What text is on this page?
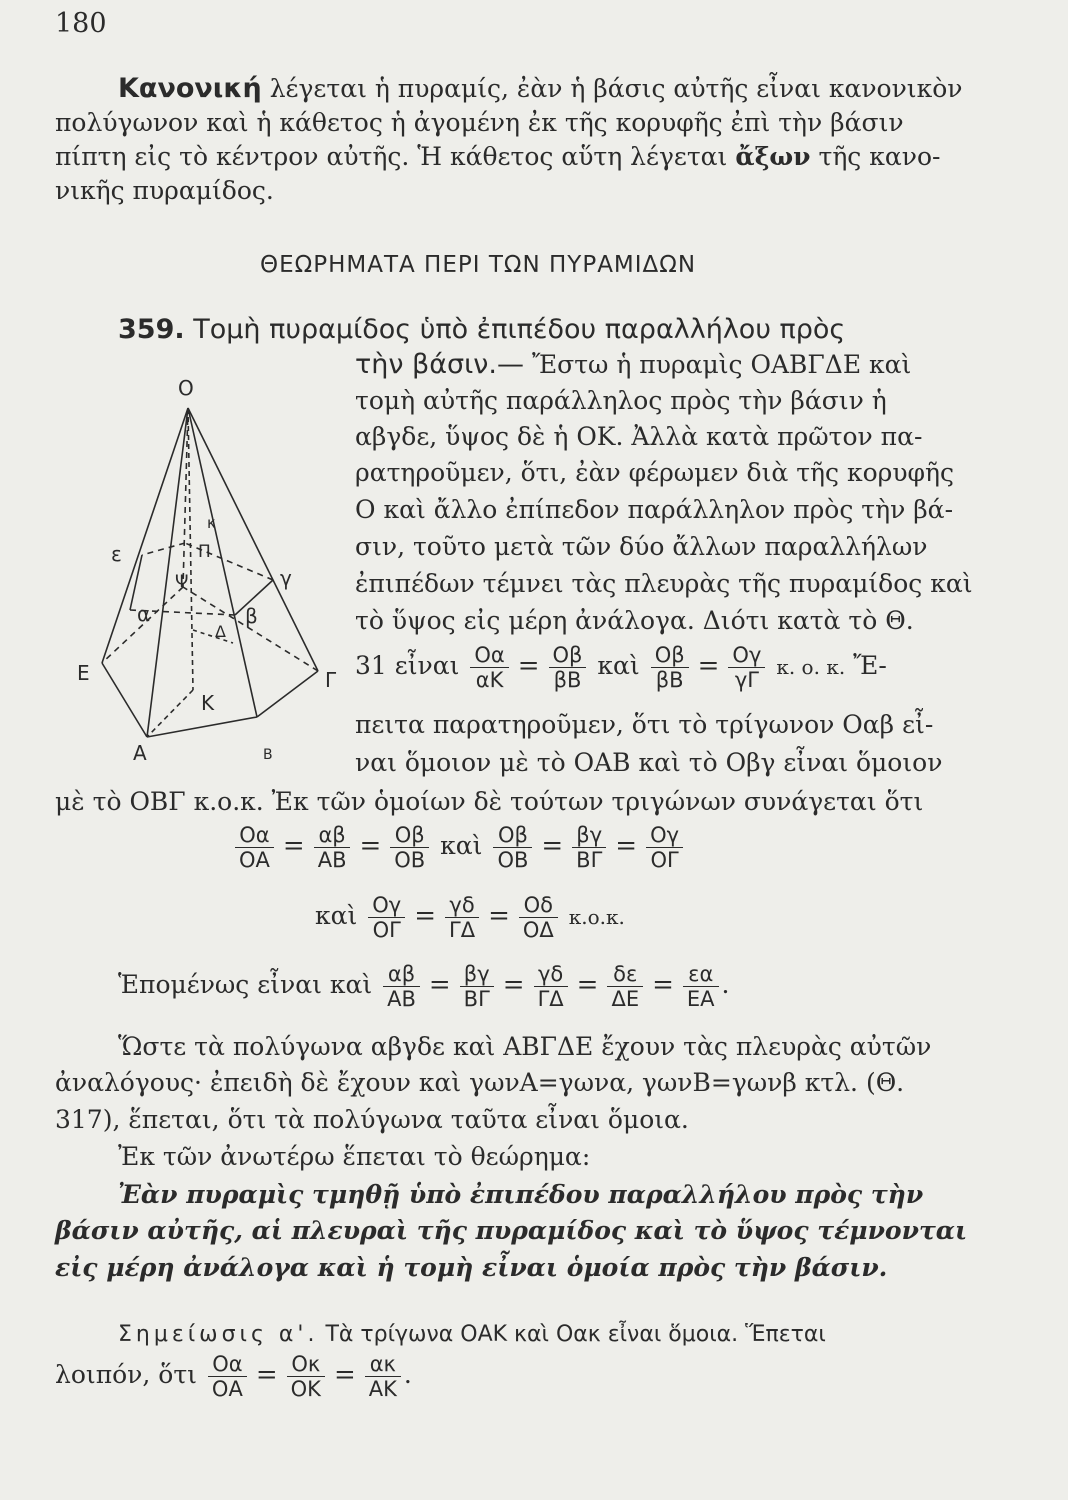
180
Κανονική λέγεται ἡ πυραμίς, ἐὰν ἡ βάσις αὐτῆς εἶναι κανονικὸν
πολύγωνον καὶ ἡ κάθετος ἡ ἀγομένη ἐκ τῆς κορυφῆς ἐπὶ τὴν βάσιν
πίπτη εἰς τὸ κέντρον αὐτῆς. Ἡ κάθετος αὕτη λέγεται ἄξων τῆς κανο-
νικῆς πυραμίδος.
ΘΕΩΡΗΜΑΤΑ ΠΕΡΙ ΤΩΝ ΠΥΡΑΜΙΔΩΝ
359. Τομὴ πυραμίδος ὑπὸ ἐπιπέδου παραλλήλου πρὸς
τὴν βάσιν.— Ἔστω ἡ πυραμὶς ΟΑΒΓΔΕ καὶ
τομὴ αὐτῆς παράλληλος πρὸς τὴν βάσιν ἡ
αβγδε, ὕψος δὲ ἡ ΟΚ. Ἀλλὰ κατὰ πρῶτον πα-
ρατηροῦμεν, ὅτι, ἐὰν φέρωμεν διὰ τῆς κορυφῆς
Ο καὶ ἄλλο ἐπίπεδον παράλληλον πρὸς τὴν βά-
σιν, τοῦτο μετὰ τῶν δύο ἄλλων παραλλήλων
ἐπιπέδων τέμνει τὰς πλευρὰς τῆς πυραμίδος καὶ
τὸ ὕψος εἰς μέρη ἀνάλογα. Διότι κατὰ τὸ Θ.
31 εἶναι $\frac{O\alpha}{\alpha K} = \frac{O\beta}{\beta B}$ καὶ $\frac{O\beta}{\beta B} = \frac{O\gamma}{\gamma\Gamma} \kappa$. ο. κ. Ἔ-
πειτα παρατηροῦμεν, ὅτι τὸ τρίγωνον Οαβ εἶ-
ναι ὅμοιον μὲ τὸ ΟΑΒ καὶ τὸ Οβγ εἶναι ὅμοιον
μὲ τὸ ΟΒΓ κ.ο.κ. Ἐκ τῶν ὁμοίων δὲ τούτων τριγώνων συνάγεται ὅτι
$\frac{O\alpha}{OA} = \frac{\alpha\beta}{AB} = \frac{O\beta}{OB}$ καὶ $\frac{O\beta}{OB} = \frac{\beta\gamma}{B\Gamma} = \frac{O\gamma}{O\Gamma}$
καὶ $\frac{O\gamma}{O\Gamma} = \frac{\gamma\delta}{\Gamma\Delta} = \frac{O\delta}{O\Delta} \kappa.o.\kappa$.
Ἑπομένως εἶναι καὶ $\frac{\alpha\beta}{AB} = \frac{\beta\gamma}{B\Gamma} = \frac{\gamma\delta}{\Gamma\Delta} = \frac{\delta\varepsilon}{\Delta E} = \frac{\varepsilon\alpha}{EA}$ .
Ὥστε τὰ πολύγωνα αβγδε καὶ ΑΒΓΔΕ ἔχουν τὰς πλευρὰς αὐτῶν
ἀναλόγους· ἐπειδὴ δὲ ἔχουν καὶ γωνΑ=γωνα, γωνΒ=γωνβ κτλ. (Θ.
317), ἕπεται, ὅτι τὰ πολύγωνα ταῦτα εἶναι ὅμοια.
Ἐκ τῶν ἀνωτέρω ἕπεται τὸ θεώρημα:
Ἐὰν πυραμὶς τμηθῇ ὑπὸ ἐπιπέδου παραλλήλου πρὸς τὴν
βάσιν αὐτῆς, αἱ πλευραὶ τῆς πυραμίδος καὶ τὸ ὕψος τέμνονται
εἰς μέρη ἀνάλογα καὶ ἡ τομὴ εἶναι ὁμοία πρὸς τὴν βάσιν.
Σημείωσις α'. Τὰ τρίγωνα ΟΑΚ καὶ Οακ εἶναι ὅμοια. Ἕπεται
λοιπόν, ὅτι $\frac{O\alpha}{OA} = \frac{O\kappa}{OK} = \frac{\alpha\kappa}{AK}$ .
Ο
ε
γ
α	β
Ε	Γ
Κ
Α	Β
Π
Ψ
Δ
κ
